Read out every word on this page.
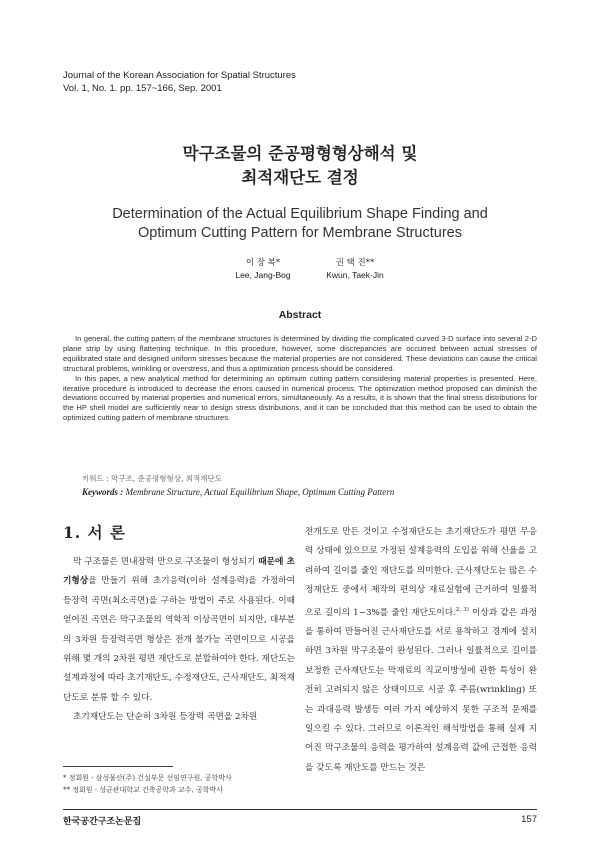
Journal of the Korean Association for Spatial Structures
Vol. 1, No. 1. pp. 157~166, Sep. 2001
막구조물의 준공평형형상해석 및
최적재단도 결정
Determination of the Actual Equilibrium Shape Finding and
Optimum Cutting Pattern for Membrane Structures
이 장 복*
Lee, Jang-Bog
권 택 진**
Kwun, Taek-Jin
Abstract

In general, the cutting pattern of the membrane structures is determined by dividing the complicated curved 3-D surface into several 2-D plane strip by using flattening technique. In this procedure, however, some discrepancies are occurred between actual stresses of equilibrated state and designed uniform stresses because the material properties are not considered. These deviations can cause the critical structural problems, wrinkling or overstress, and thus a optimization process should be considered.

In this paper, a new analytical method for determining an optimum cutting pattern considering material properties is presented. Here, iterative procedure is introduced to decrease the errors caused in numerical process. The optimization method proposed can diminish the deviations occurred by material properties and numerical errors, simultaneously. As a results, it is shown that the final stress distributions for the HP shell model are sufficiently near to design stress distributions, and it can be concluded that this method can be used to obtain the optimized cutting pattern of membrane structures.

키워드 : 막구조, 준공평형형상, 최적재단도
Keywords : Membrane Structure, Actual Equilibrium Shape, Optimum Cutting Pattern
1. 서 론

막 구조물은 면내장력 만으로 구조물이 형성되기 때문에 초기형상을 만들기 위해 초기응력(이하 설계응력)을 가정하여 등장력 곡면(최소곡면)을 구하는 방법이 주로 사용된다. 이때 얻어진 곡면은 막구조물의 역학적 이상곡면이 되지만, 대부분의 3차원 등장력곡면 형상은 전개 불가능 곡면이므로 시공을 위해 몇 개의 2차원 평면 재단도로 분할하여야 한다. 재단도는 설계과정에 따라 초기재단도, 수정재단도, 근사재단도, 최적재단도로 분류 할 수 있다.

초기재단도는 단순히 3차원 등장력 곡면을 2차원

전개도로 만든 것이고 수정재단도는 초기재단도가 평면 무응력 상태에 있으므로 가정된 설계응력의 도입을 위해 신율을 고려하여 길이를 줄인 재단도를 의미한다. 근사재단도는 많은 수정재단도 중에서 제작의 편의상 재료실험에 근거하여 일률적으로 길이의 1~3%를 줄인 재단도이다.$^{2, 3)}$ 이상과 같은 과정을 통하여 만들어진 근사재단도를 서로 용착하고 경계에 설치하면 3차원 막구조물이 완성된다. 그러나 일률적으로 길이를 보정한 근사재단도는 막재료의 직교이방성에 관한 특성이 완전히 고려되지 않은 상태이므로 시공 후 주름(wrinkling) 또는 과대응력 발생등 여러 가지 예상하지 못한 구조적 문제를 일으킬 수 있다. 그러므로 이론적인 해석방법을 통해 실제 지어진 막구조물의 응력을 평가하여 설계응력 값에 근접한 응력을 갖도록 재단도를 만드는 것은

* 정회원 · 삼성물산(주) 건설부문 선임연구원, 공학박사
** 정회원 · 성균관대학교 건축공학과 교수, 공학박사
한국공간구조논문집	157
